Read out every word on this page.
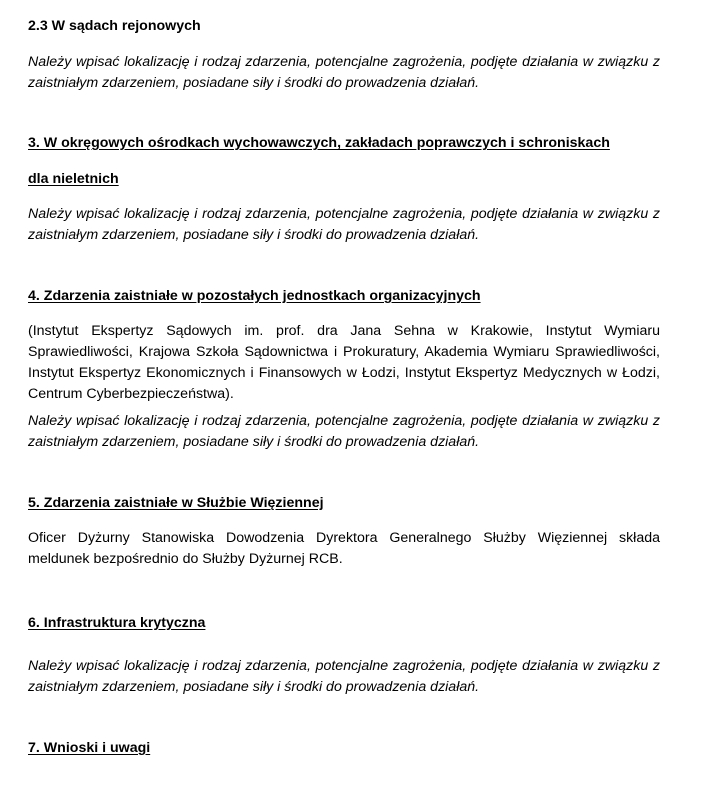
2.3 W sądach rejonowych

Należy wpisać lokalizację i rodzaj zdarzenia, potencjalne zagrożenia, podjęte działania w związku z zaistniałym zdarzeniem, posiadane siły i środki do prowadzenia działań.

3. W okręgowych ośrodkach wychowawczych, zakładach poprawczych i schroniskach

dla nieletnich

Należy wpisać lokalizację i rodzaj zdarzenia, potencjalne zagrożenia, podjęte działania w związku z zaistniałym zdarzeniem, posiadane siły i środki do prowadzenia działań.

4. Zdarzenia zaistniałe w pozostałych jednostkach organizacyjnych

(Instytut Ekspertyz Sądowych im. prof. dra Jana Sehna w Krakowie, Instytut Wymiaru Sprawiedliwości, Krajowa Szkoła Sądownictwa i Prokuratury, Akademia Wymiaru Sprawiedliwości, Instytut Ekspertyz Ekonomicznych i Finansowych w Łodzi, Instytut Ekspertyz Medycznych w Łodzi, Centrum Cyberbezpieczeństwa).

Należy wpisać lokalizację i rodzaj zdarzenia, potencjalne zagrożenia, podjęte działania w związku z zaistniałym zdarzeniem, posiadane siły i środki do prowadzenia działań.

5. Zdarzenia zaistniałe w Służbie Więziennej

Oficer Dyżurny Stanowiska Dowodzenia Dyrektora Generalnego Służby Więziennej składa meldunek bezpośrednio do Służby Dyżurnej RCB.

6. Infrastruktura krytyczna

Należy wpisać lokalizację i rodzaj zdarzenia, potencjalne zagrożenia, podjęte działania w związku z zaistniałym zdarzeniem, posiadane siły i środki do prowadzenia działań.

7. Wnioski i uwagi
